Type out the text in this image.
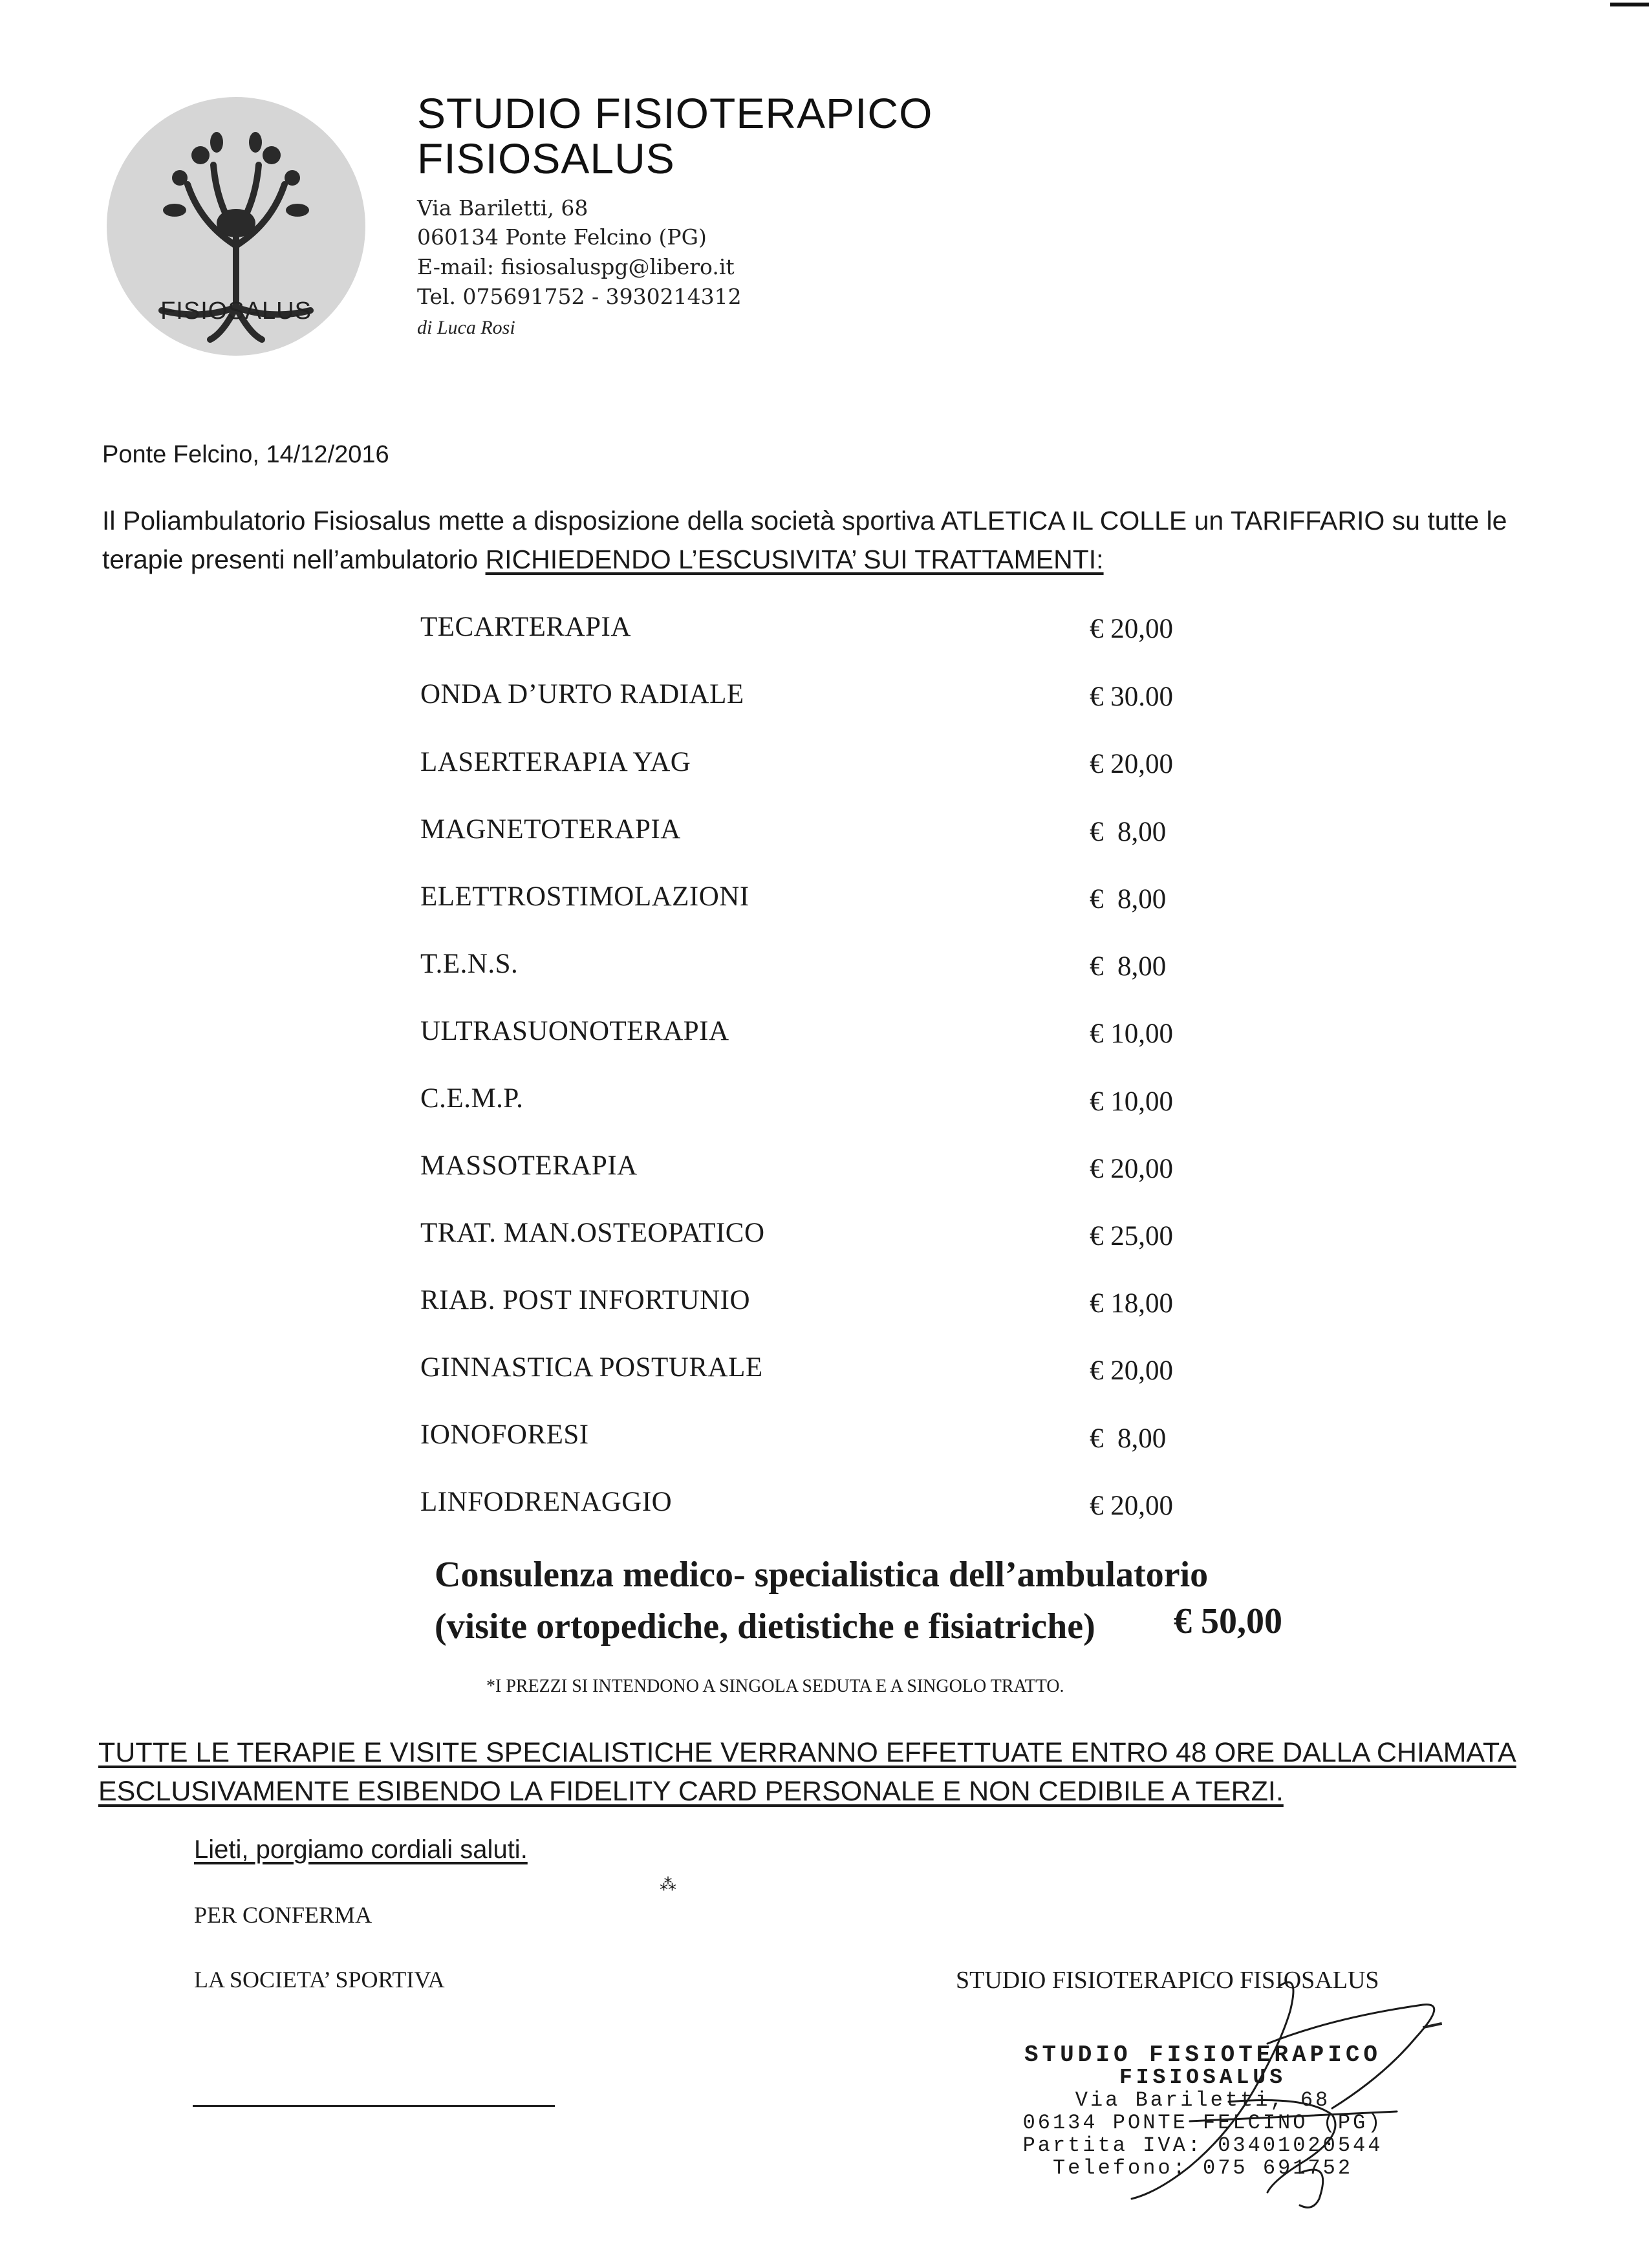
FISIOSALUS
STUDIO FISIOTERAPICO
FISIOSALUS
Via Bariletti, 68
060134 Ponte Felcino (PG)
E-mail: fisiosaluspg@libero.it
Tel. 075691752 - 3930214312
di Luca Rosi
Ponte Felcino, 14/12/2016
Il Poliambulatorio Fisiosalus mette a disposizione della società sportiva ATLETICA IL COLLE un TARIFFARIO su tutte le terapie presenti nell’ambulatorio RICHIEDENDO L’ESCUSIVITA’ SUI TRATTAMENTI:
TECARTERAPIA	€ 20,00
ONDA D’URTO RADIALE	€ 30.00
LASERTERAPIA YAG	€ 20,00
MAGNETOTERAPIA	€  8,00
ELETTROSTIMOLAZIONI	€  8,00
T.E.N.S.	€  8,00
ULTRASUONOTERAPIA	€ 10,00
C.E.M.P.	€ 10,00
MASSOTERAPIA	€ 20,00
TRAT. MAN.OSTEOPATICO	€ 25,00
RIAB. POST INFORTUNIO	€ 18,00
GINNASTICA POSTURALE	€ 20,00
IONOFORESI	€  8,00
LINFODRENAGGIO	€ 20,00
Consulenza medico- specialistica dell’ambulatorio
(visite ortopediche, dietistiche e fisiatriche)	€ 50,00
*I PREZZI SI INTENDONO A SINGOLA SEDUTA E A SINGOLO TRATTO.
TUTTE LE TERAPIE E VISITE SPECIALISTICHE VERRANNO EFFETTUATE ENTRO 48 ORE DALLA CHIAMATA
ESCLUSIVAMENTE ESIBENDO LA FIDELITY CARD PERSONALE E NON CEDIBILE A TERZI.
Lieti, porgiamo cordiali saluti.
⁂
PER CONFERMA
LA SOCIETA’ SPORTIVA	STUDIO FISIOTERAPICO FISIOSALUS
STUDIO FISIOTERAPICO
FISIOSALUS
Via Bariletti, 68
06134 PONTE FELCINO (PG)
Partita IVA: 03401020544
Telefono: 075 691752
